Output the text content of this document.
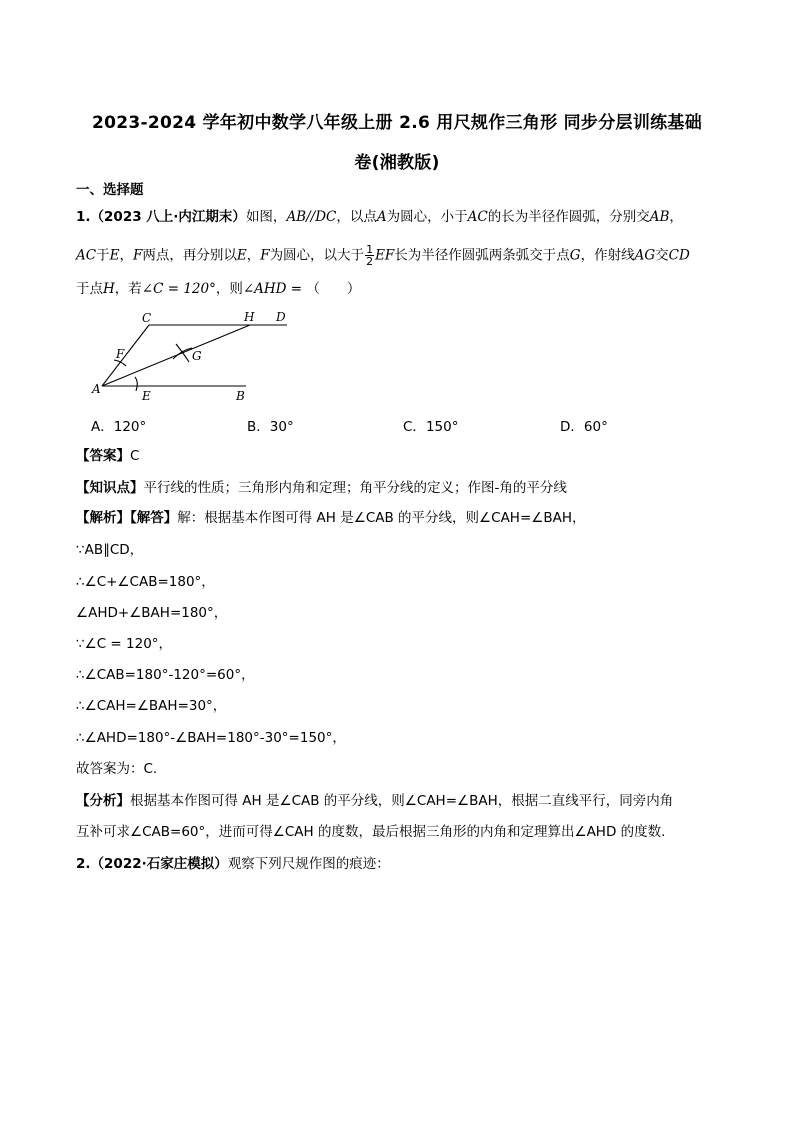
2023-2024 学年初中数学八年级上册 2.6 用尺规作三角形 同步分层训练基础
卷(湘教版)
一、选择题
1.（2023 八上·内江期末）如图，AB//DC，以点A为圆心，小于AC的长为半径作圆弧，分别交AB，
AC于E，F两点，再分别以E，F为圆心，以大于 $\frac{1}{2}$ EF长为半径作圆弧两条弧交于点G，作射线AG交CD
于点H，若∠C = 120°，则∠AHD = （　　）
C	H D
F	G
A	E	B
A．120°	B．30°	C．150°	D．60°
【答案】C
【知识点】平行线的性质；三角形内角和定理；角平分线的定义；作图-角的平分线
【解析】【解答】解：根据基本作图可得 AH 是∠CAB 的平分线，则∠CAH=∠BAH，
∵AB∥CD，
∴∠C+∠CAB=180°，
∠AHD+∠BAH=180°，
∵∠C = 120°，
∴∠CAB=180°-120°=60°，
∴∠CAH=∠BAH=30°，
∴∠AHD=180°-∠BAH=180°-30°=150°，
故答案为：C.
【分析】根据基本作图可得 AH 是∠CAB 的平分线，则∠CAH=∠BAH，根据二直线平行，同旁内角
互补可求∠CAB=60°，进而可得∠CAH 的度数，最后根据三角形的内角和定理算出∠AHD 的度数.
2.（2022·石家庄模拟）观察下列尺规作图的痕迹：
